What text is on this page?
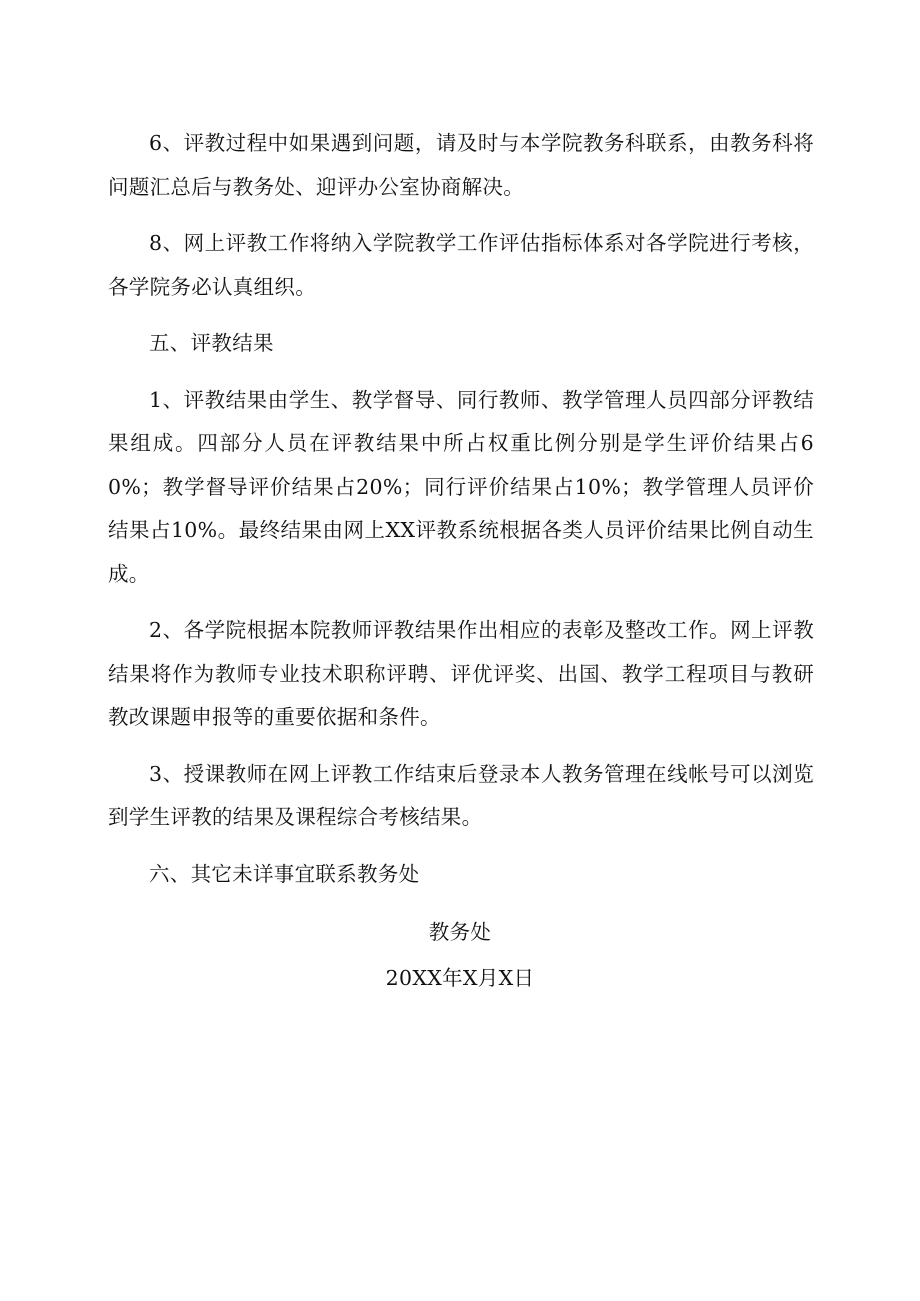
6、评教过程中如果遇到问题，请及时与本学院教务科联系，由教务科将问题汇总后与教务处、迎评办公室协商解决。

8、网上评教工作将纳入学院教学工作评估指标体系对各学院进行考核，各学院务必认真组织。

五、评教结果

1、评教结果由学生、教学督导、同行教师、教学管理人员四部分评教结果组成。四部分人员在评教结果中所占权重比例分别是学生评价结果占60%；教学督导评价结果占20%；同行评价结果占10%；教学管理人员评价结果占10%。最终结果由网上XX评教系统根据各类人员评价结果比例自动生成。

2、各学院根据本院教师评教结果作出相应的表彰及整改工作。网上评教结果将作为教师专业技术职称评聘、评优评奖、出国、教学工程项目与教研教改课题申报等的重要依据和条件。

3、授课教师在网上评教工作结束后登录本人教务管理在线帐号可以浏览到学生评教的结果及课程综合考核结果。

六、其它未详事宜联系教务处

教务处
20XX年X月X日
